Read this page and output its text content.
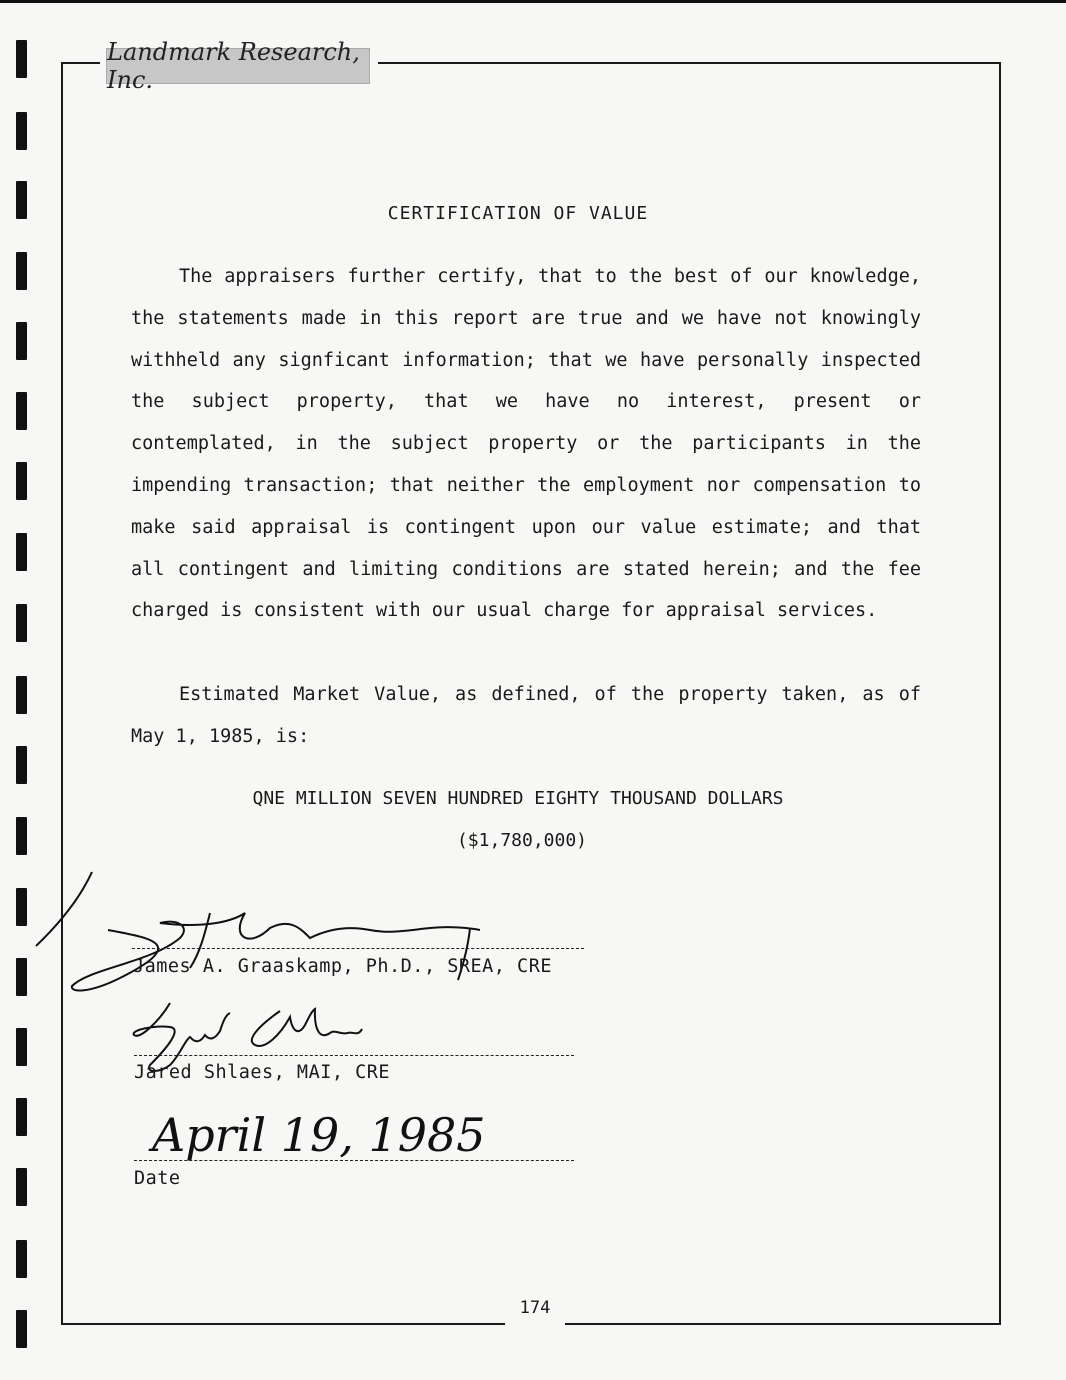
Landmark Research, Inc.
CERTIFICATION OF VALUE

The appraisers further certify, that to the best of our knowledge, the statements made in this report are true and we have not knowingly withheld any signficant information; that we have personally inspected the subject property, that we have no interest, present or contemplated, in the subject property or the participants in the impending transaction; that neither the employment nor compensation to make said appraisal is contingent upon our value estimate; and that all contingent and limiting conditions are stated herein; and the fee charged is consistent with our usual charge for appraisal services.

Estimated Market Value, as defined, of the property taken, as of May 1, 1985, is:

QNE MILLION SEVEN HUNDRED EIGHTY THOUSAND DOLLARS
($1,780,000)
James A. Graaskamp, Ph.D., SREA, CRE
Jared Shlaes, MAI, CRE
April 19, 1985
Date
174
